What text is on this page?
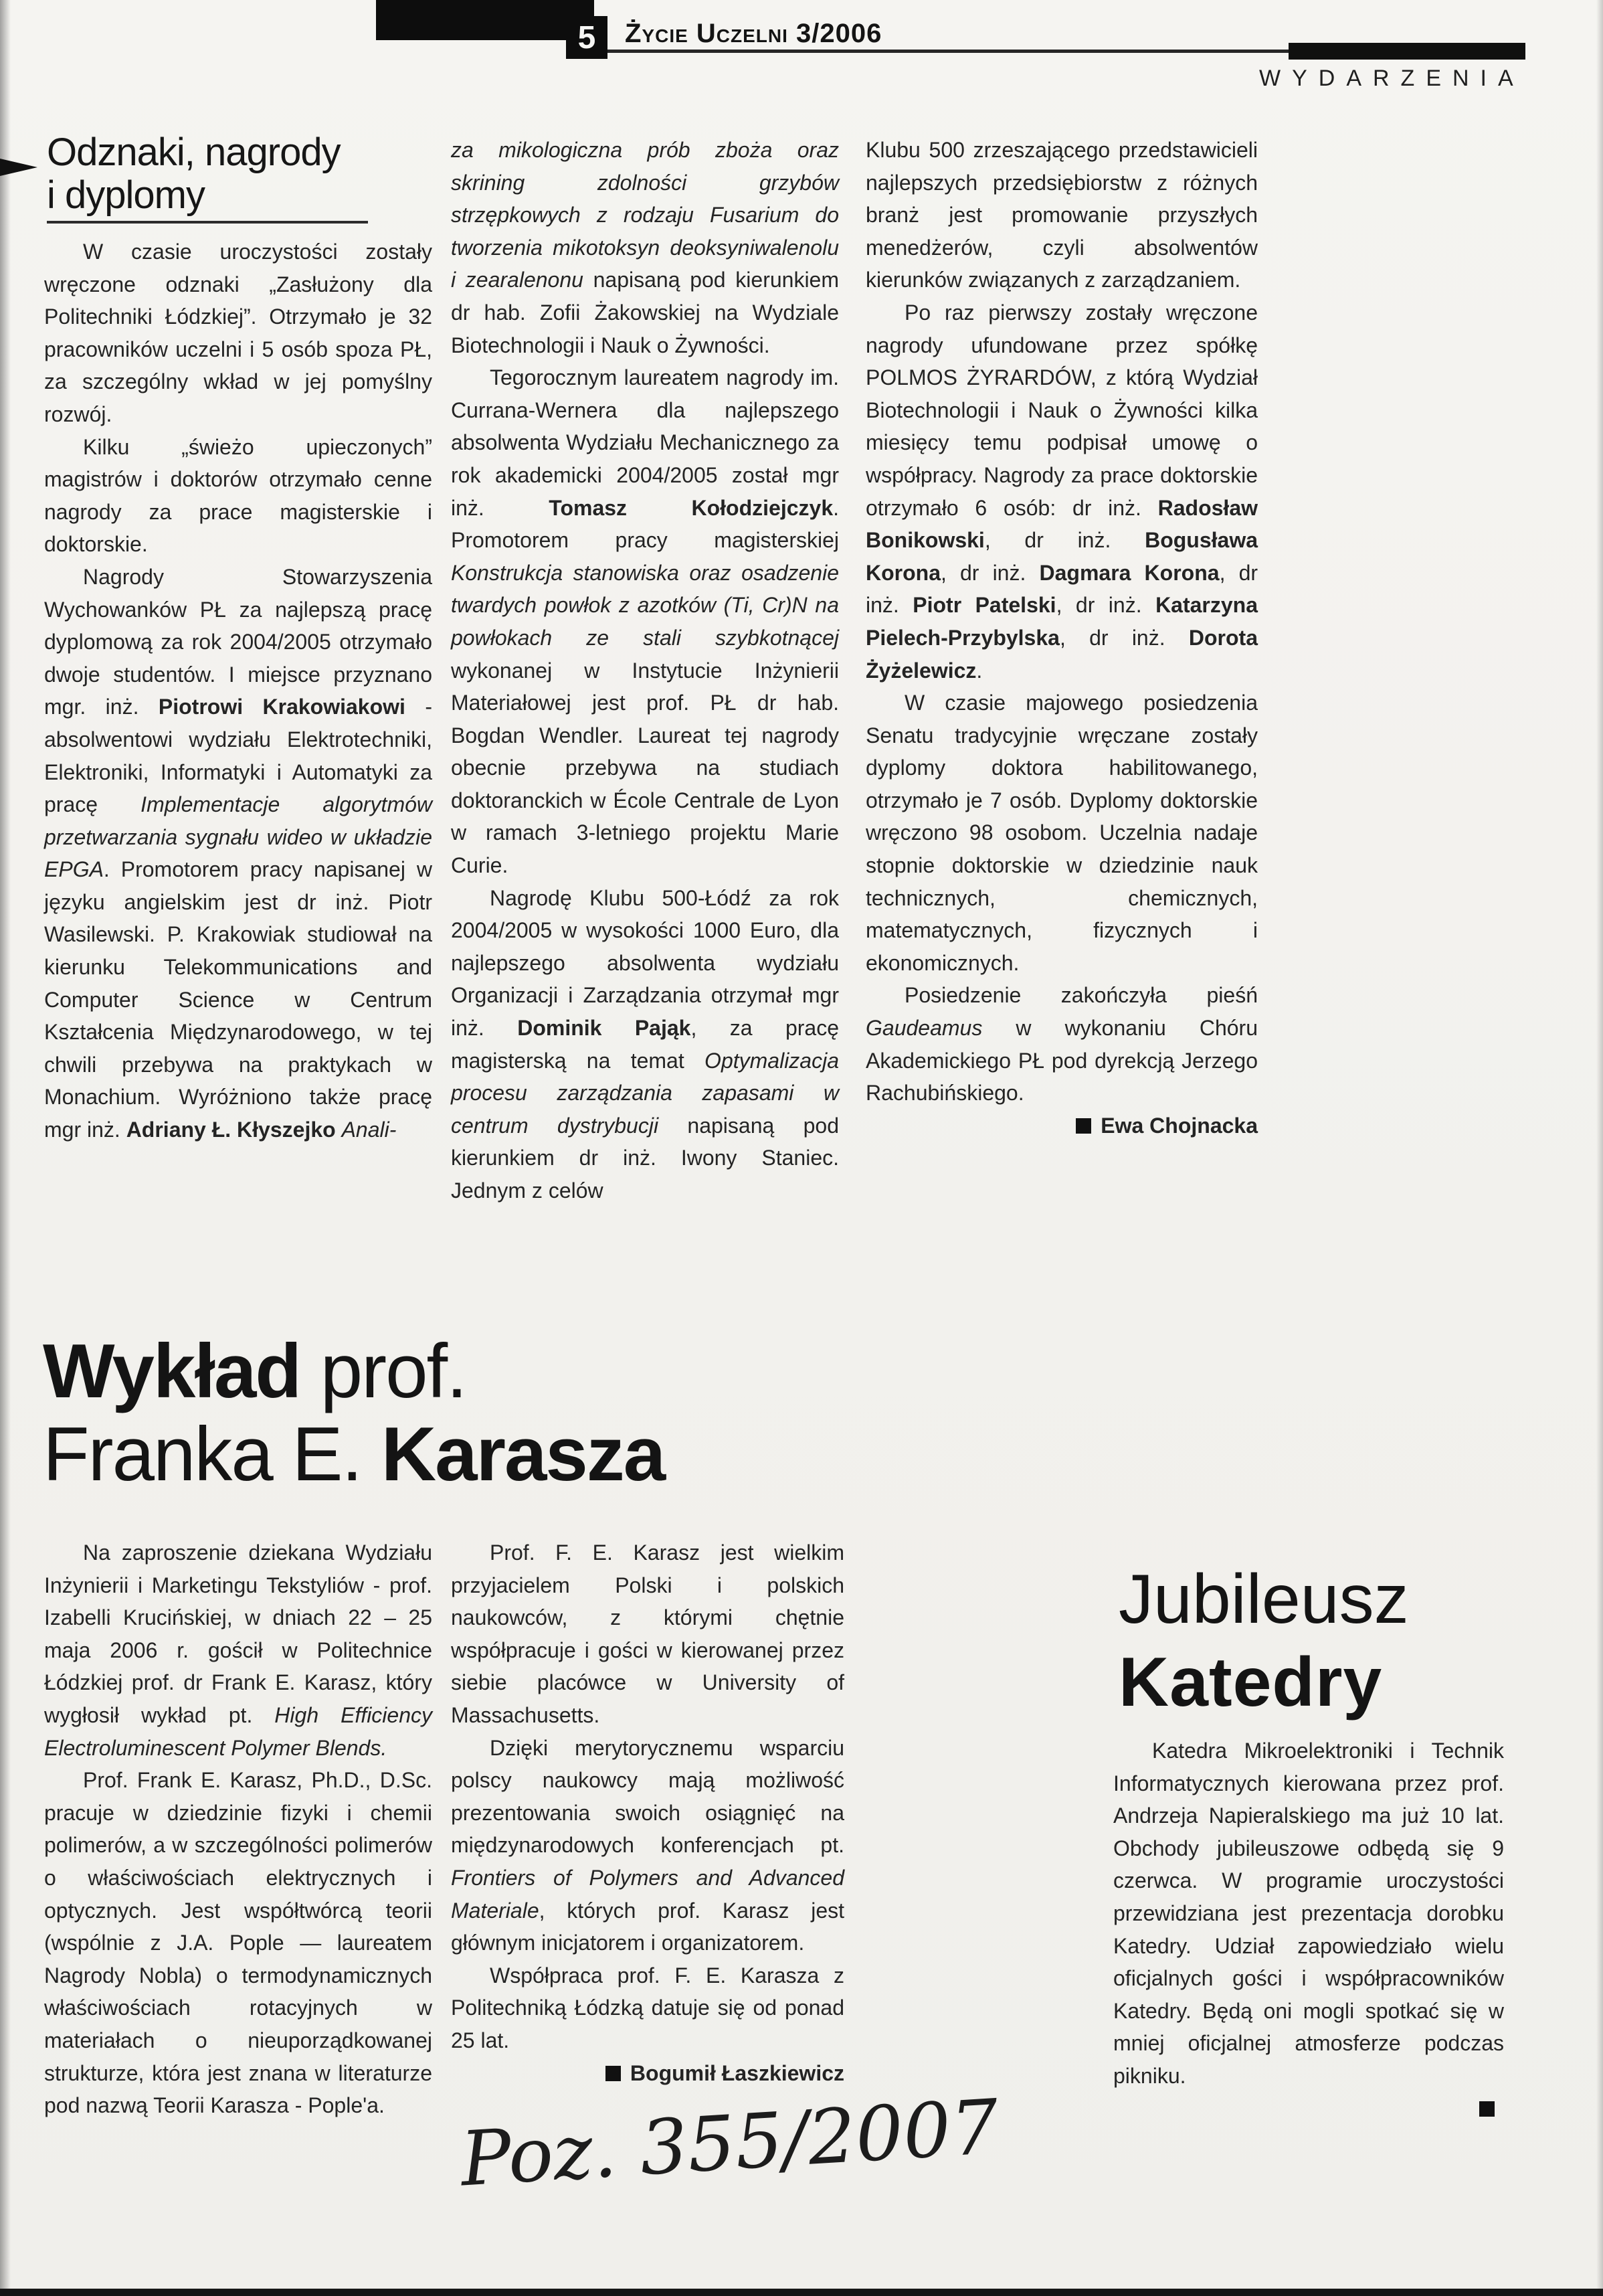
5 Życie Uczelni 3/2006
WYDARZENIA
Odznaki, nagrody
i dyplomy

W czasie uroczystości zostały wręczone odznaki „Zasłużony dla Politechniki Łódzkiej”. Otrzymało je 32 pracowników uczelni i 5 osób spoza PŁ, za szczególny wkład w jej pomyślny rozwój.

Kilku „świeżo upieczonych” magistrów i doktorów otrzymało cenne nagrody za prace magisterskie i doktorskie.

Nagrody Stowarzyszenia Wychowanków PŁ za najlepszą pracę dyplomową za rok 2004/2005 otrzymało dwoje studentów. I miejsce przyznano mgr. inż. Piotrowi Krakowiakowi - absolwentowi wydziału Elektrotechniki, Elektroniki, Informatyki i Automatyki za pracę Implementacje algorytmów przetwarzania sygnału wideo w układzie EPGA. Promotorem pracy napisanej w języku angielskim jest dr inż. Piotr Wasilewski. P. Krakowiak studiował na kierunku Telekommunications and Computer Science w Centrum Kształcenia Międzynarodowego, w tej chwili przebywa na praktykach w Monachium. Wyróżniono także pracę mgr inż. Adriany Ł. Kłyszejko Anali-

za mikologiczna prób zboża oraz skrining zdolności grzybów strzępkowych z rodzaju Fusarium do tworzenia mikotoksyn deoksyniwalenolu i zearalenonu napisaną pod kierunkiem dr hab. Zofii Żakowskiej na Wydziale Biotechnologii i Nauk o Żywności.

Tegorocznym laureatem nagrody im. Currana-Wernera dla najlepszego absolwenta Wydziału Mechanicznego za rok akademicki 2004/2005 został mgr inż. Tomasz Kołodziejczyk. Promotorem pracy magisterskiej Konstrukcja stanowiska oraz osadzenie twardych powłok z azotków (Ti, Cr)N na powłokach ze stali szybkotnącej wykonanej w Instytucie Inżynierii Materiałowej jest prof. PŁ dr hab. Bogdan Wendler. Laureat tej nagrody obecnie przebywa na studiach doktoranckich w École Centrale de Lyon w ramach 3-letniego projektu Marie Curie.

Nagrodę Klubu 500-Łódź za rok 2004/2005 w wysokości 1000 Euro, dla najlepszego absolwenta wydziału Organizacji i Zarządzania otrzymał mgr inż. Dominik Pająk, za pracę magisterską na temat Optymalizacja procesu zarządzania zapasami w centrum dystrybucji napisaną pod kierunkiem dr inż. Iwony Staniec. Jednym z celów

Klubu 500 zrzeszającego przedstawicieli najlepszych przedsiębiorstw z różnych branż jest promowanie przyszłych menedżerów, czyli absolwentów kierunków związanych z zarządzaniem.

Po raz pierwszy zostały wręczone nagrody ufundowane przez spółkę POLMOS ŻYRARDÓW, z którą Wydział Biotechnologii i Nauk o Żywności kilka miesięcy temu podpisał umowę o współpracy. Nagrody za prace doktorskie otrzymało 6 osób: dr inż. Radosław Bonikowski, dr inż. Bogusława Korona, dr inż. Dagmara Korona, dr inż. Piotr Patelski, dr inż. Katarzyna Pielech-Przybylska, dr inż. Dorota Żyżelewicz.

W czasie majowego posiedzenia Senatu tradycyjnie wręczane zostały dyplomy doktora habilitowanego, otrzymało je 7 osób. Dyplomy doktorskie wręczono 98 osobom. Uczelnia nadaje stopnie doktorskie w dziedzinie nauk technicznych, chemicznych, matematycznych, fizycznych i ekonomicznych.

Posiedzenie zakończyła pieśń Gaudeamus w wykonaniu Chóru Akademickiego PŁ pod dyrekcją Jerzego Rachubińskiego.

Ewa Chojnacka

Wykład prof.
Franka E. Karasza

Na zaproszenie dziekana Wydziału Inżynierii i Marketingu Tekstyliów - prof. Izabelli Krucińskiej, w dniach 22 – 25 maja 2006 r. gościł w Politechnice Łódzkiej prof. dr Frank E. Karasz, który wygłosił wykład pt. High Efficiency Electroluminescent Polymer Blends.

Prof. Frank E. Karasz, Ph.D., D.Sc. pracuje w dziedzinie fizyki i chemii polimerów, a w szczególności polimerów o właściwościach elektrycznych i optycznych. Jest współtwórcą teorii (wspólnie z J.A. Pople — laureatem Nagrody Nobla) o termodynamicznych właściwościach rotacyjnych w materiałach o nieuporządkowanej strukturze, która jest znana w literaturze pod nazwą Teorii Karasza - Pople'a.

Prof. F. E. Karasz jest wielkim przyjacielem Polski i polskich naukowców, z którymi chętnie współpracuje i gości w kierowanej przez siebie placówce w University of Massachusetts.

Dzięki merytorycznemu wsparciu polscy naukowcy mają możliwość prezentowania swoich osiągnięć na międzynarodowych konferencjach pt. Frontiers of Polymers and Advanced Materiale, których prof. Karasz jest głównym inicjatorem i organizatorem.

Współpraca prof. F. E. Karasza z Politechniką Łódzką datuje się od ponad 25 lat.

Bogumił Łaszkiewicz

Poz. 355/2007
Jubileusz
Katedry

Katedra Mikroelektroniki i Technik Informatycznych kierowana przez prof. Andrzeja Napieralskiego ma już 10 lat. Obchody jubileuszowe odbędą się 9 czerwca. W programie uroczystości przewidziana jest prezentacja dorobku Katedry. Udział zapowiedziało wielu oficjalnych gości i współpracowników Katedry. Będą oni mogli spotkać się w mniej oficjalnej atmosferze podczas pikniku.
